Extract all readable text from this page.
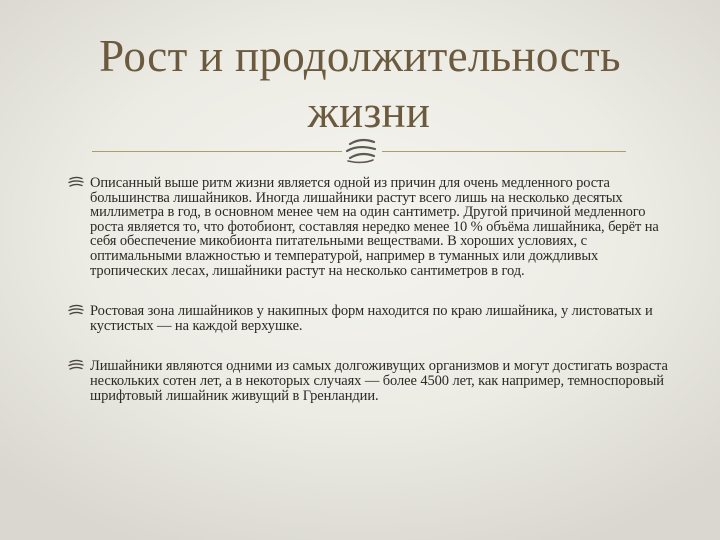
Рост и продолжительность
жизни
Описанный выше ритм жизни является одной из причин для очень медленного роста большинства лишайников. Иногда лишайники растут всего лишь на несколько десятых миллиметра в год, в основном менее чем на один сантиметр. Другой причиной медленного роста является то, что фотобионт, составляя нередко менее 10 % объёма лишайника, берёт на себя обеспечение микобионта питательными веществами. В хороших условиях, с оптимальными влажностью и температурой, например в туманных или дождливых тропических лесах, лишайники растут на несколько сантиметров в год.
Ростовая зона лишайников у накипных форм находится по краю лишайника, у листоватых и кустистых — на каждой верхушке.
Лишайники являются одними из самых долгоживущих организмов и могут достигать возраста нескольких сотен лет, а в некоторых случаях — более 4500 лет, как например, темноспоровый шрифтовый лишайник живущий в Гренландии.
